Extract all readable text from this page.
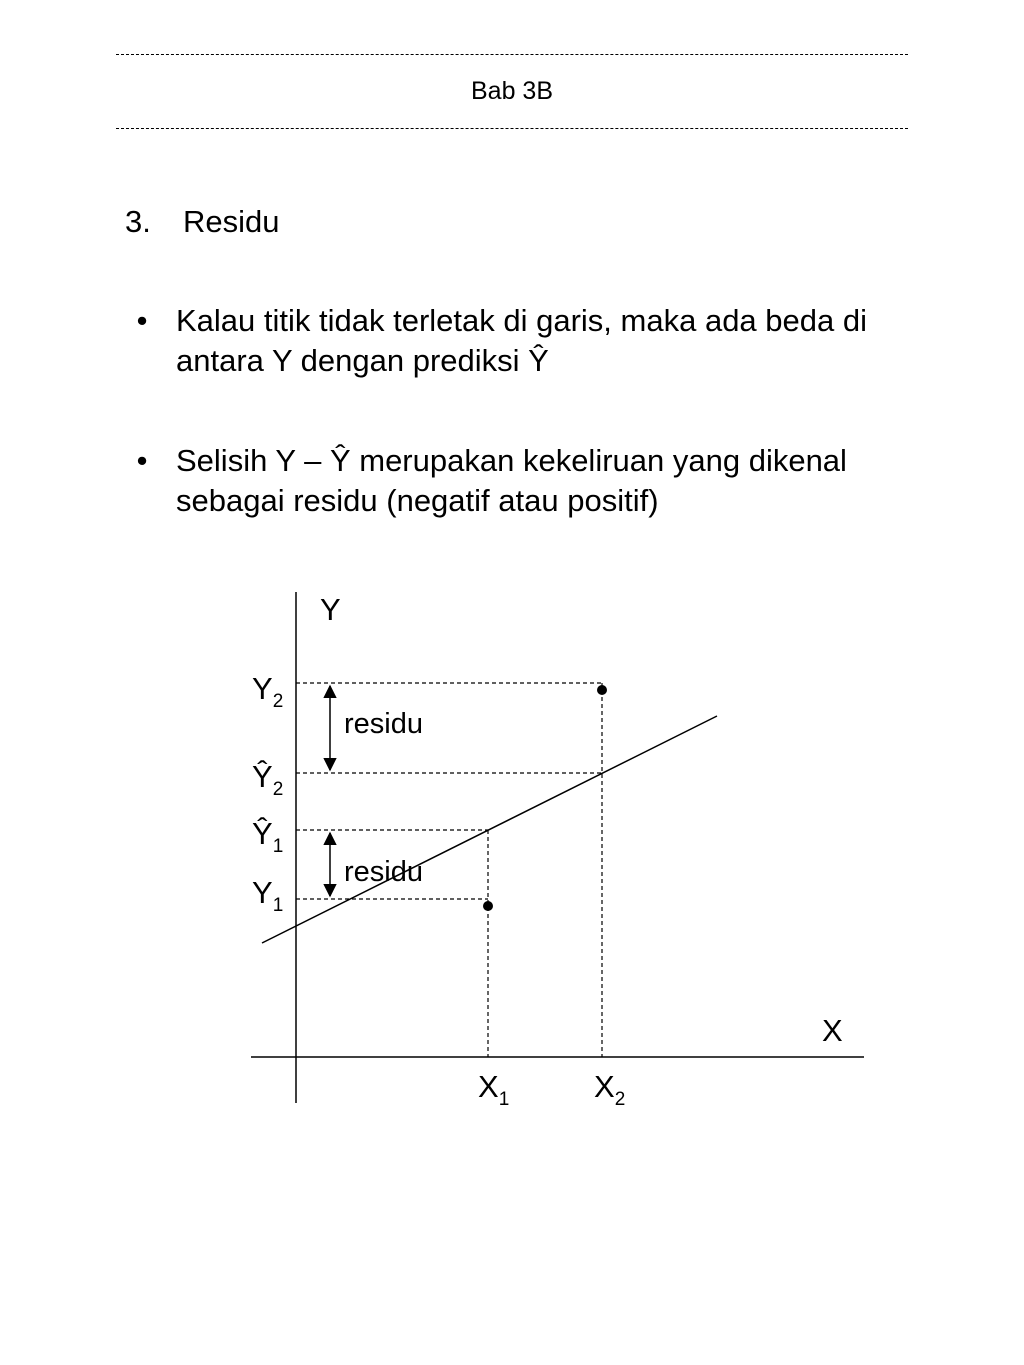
Bab 3B
3. Residu
• Kalau titik tidak terletak di garis, maka ada beda di
antara Y dengan prediksi Ŷ
• Selisih Y – Ŷ merupakan kekeliruan yang dikenal
sebagai residu (negatif atau positif)
residu
residu
Y
X
$Y_2$
$Ŷ_2$
$Ŷ_1$
$Y_1$
$X_1$	$X_2$
